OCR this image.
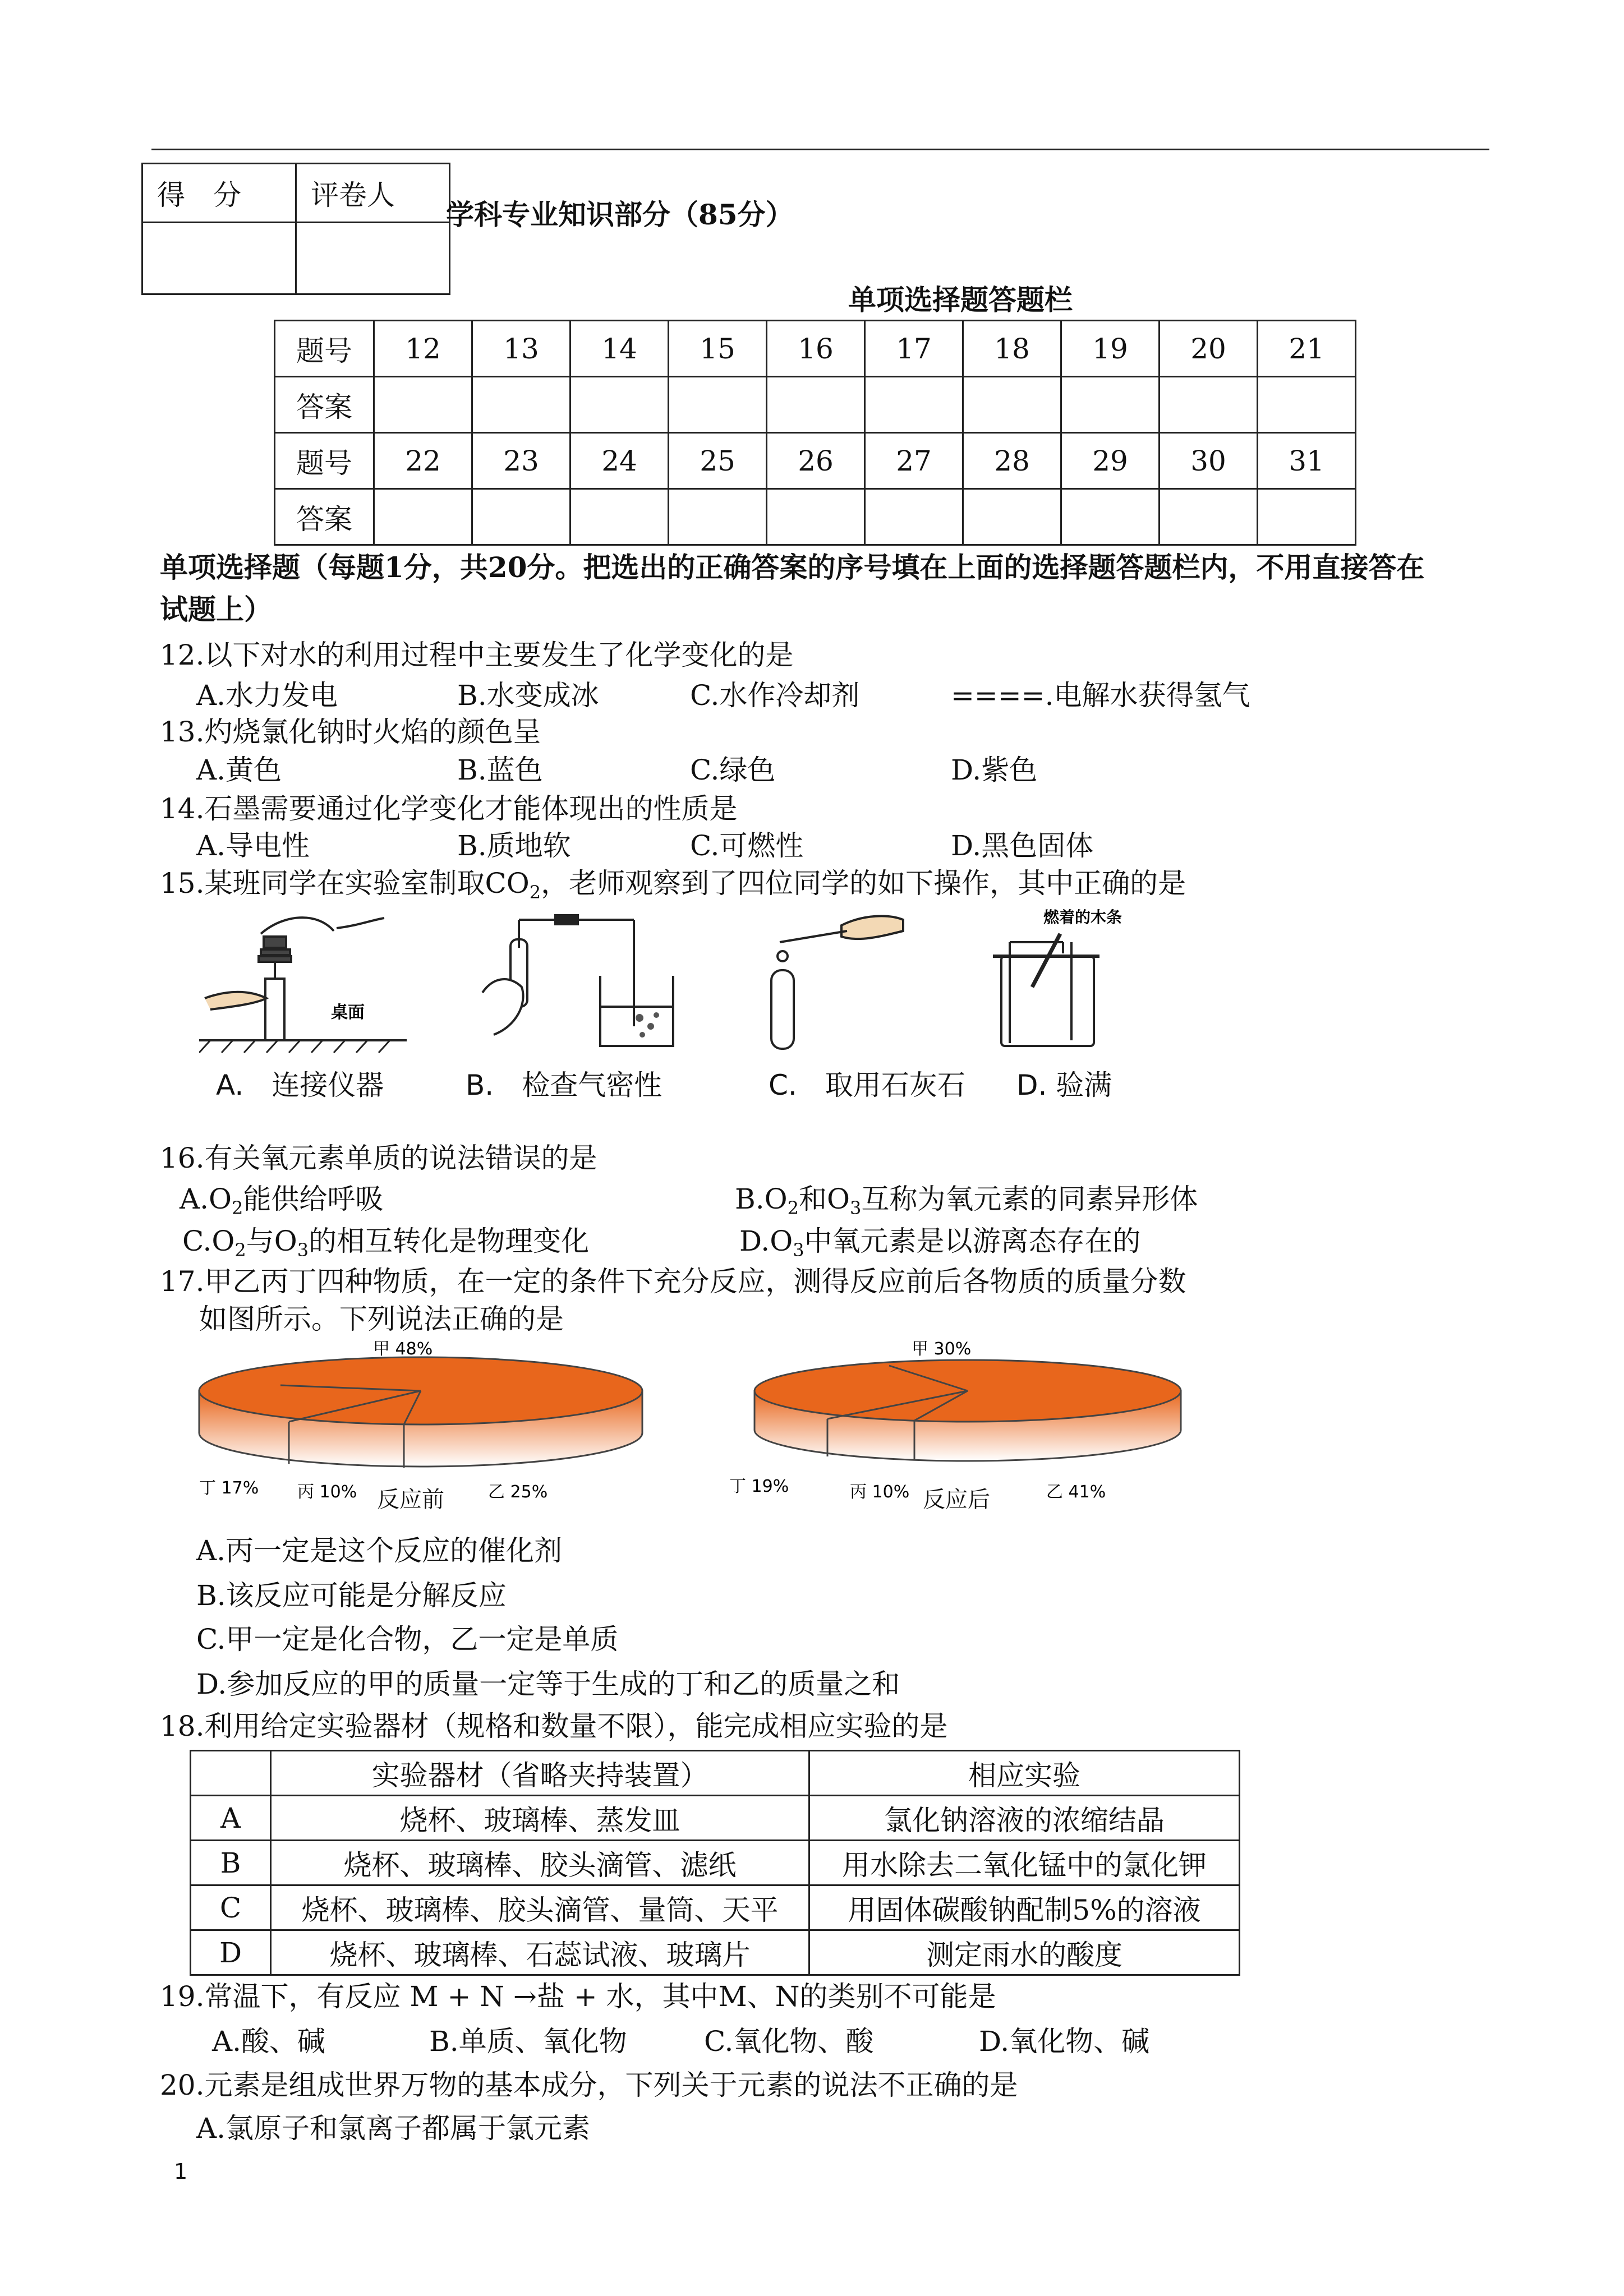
得　分	评卷人

学科专业知识部分（85分）
单项选择题答题栏
题号	12	13	14	15	16	17	18	19	20	21
答案										
题号	22	23	24	25	26	27	28	29	30	31
答案										
单项选择题（每题1分，共20分。把选出的正确答案的序号填在上面的选择题答题栏内，不用直接答在
试题上）
12.以下对水的利用过程中主要发生了化学变化的是
A.水力发电	B.水变成冰	C.水作冷却剂	====.电解水获得氢气
13.灼烧氯化钠时火焰的颜色呈
A.黄色	B.蓝色	C.绿色	D.紫色
14.石墨需要通过化学变化才能体现出的性质是
A.导电性	B.质地软	C.可燃性	D.黑色固体
15.某班同学在实验室制取$CO_2$，老师观察到了四位同学的如下操作，其中正确的是
桌面
燃着的木条
A.　连接仪器	B.　检查气密性	C.　取用石灰石 D. 验满
16.有关氧元素单质的说法错误的是
$A.O_2$能供给呼吸	$B.O_2$和$O_3$互称为氧元素的同素异形体
$C.O_2$与$O_3$的相互转化是物理变化	$D.O_3$中氧元素是以游离态存在的
17.甲乙丙丁四种物质，在一定的条件下充分反应，测得反应前后各物质的质量分数
如图所示。下列说法正确的是
甲 48%
丁 17% 丙 10%	乙 25%
反应前
甲 30%
丁 19%	丙 10%	乙 41%
反应后
A.丙一定是这个反应的催化剂
B.该反应可能是分解反应
C.甲一定是化合物，乙一定是单质
D.参加反应的甲的质量一定等于生成的丁和乙的质量之和
18.利用给定实验器材（规格和数量不限），能完成相应实验的是
	实验器材（省略夹持装置）	相应实验
A	烧杯、玻璃棒、蒸发皿	氯化钠溶液的浓缩结晶
B	烧杯、玻璃棒、胶头滴管、滤纸	用水除去二氧化锰中的氯化钾
C	烧杯、玻璃棒、胶头滴管、量筒、天平	用固体碳酸钠配制5%的溶液
D	烧杯、玻璃棒、石蕊试液、玻璃片	测定雨水的酸度
19.常温下，有反应 M + N →盐 + 水，其中M、N的类别不可能是
A.酸、碱	B.单质、氧化物	C.氧化物、酸	D.氧化物、碱
20.元素是组成世界万物的基本成分，下列关于元素的说法不正确的是
A.氯原子和氯离子都属于氯元素
1
